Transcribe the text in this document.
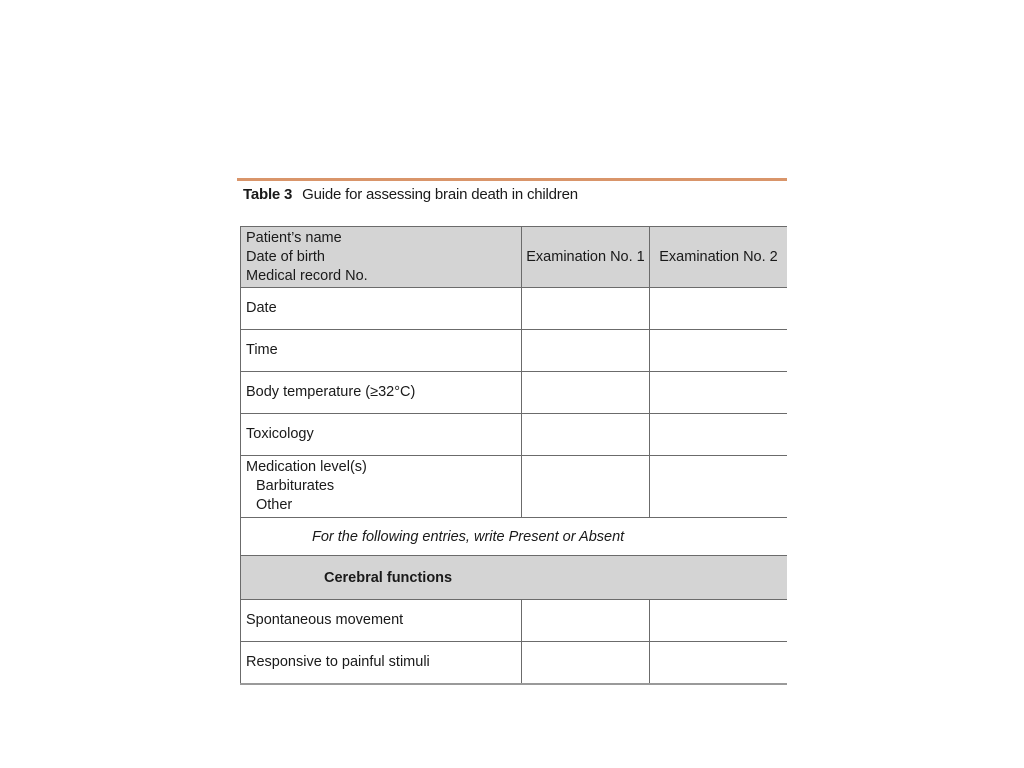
Table 3 Guide for assessing brain death in children
Patient’s name
Date of birth
Medical record No.
Examination No. 1	Examination No. 2
Date
Time
Body temperature (≥32°C)
Toxicology
Medication level(s)
Barbiturates
Other
For the following entries, write Present or Absent
Cerebral functions
Spontaneous movement
Responsive to painful stimuli
